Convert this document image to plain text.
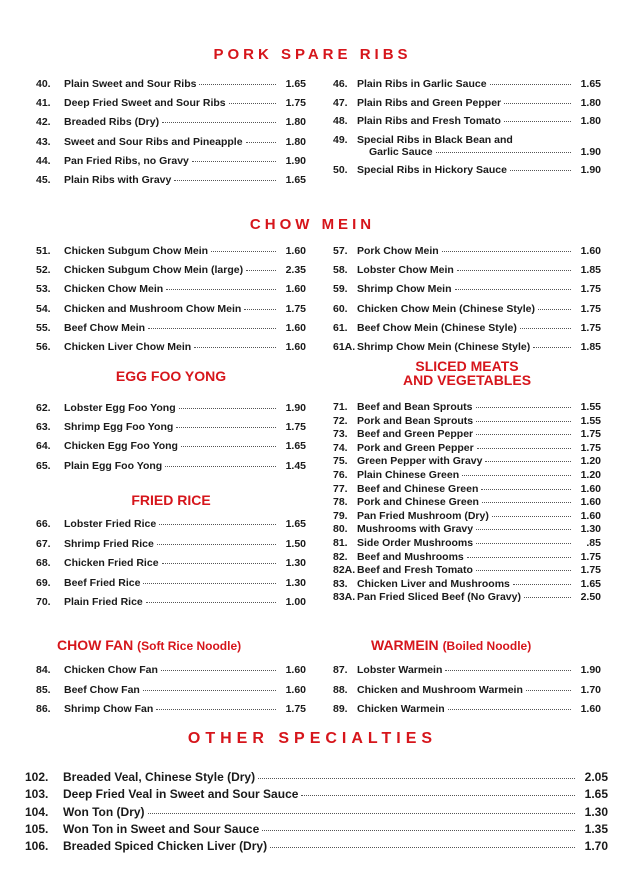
PORK SPARE RIBS
40.	Plain Sweet and Sour Ribs	1.65
41.	Deep Fried Sweet and Sour Ribs	1.75
42.	Breaded Ribs (Dry)	1.80
43.	Sweet and Sour Ribs and Pineapple	1.80
44.	Pan Fried Ribs, no Gravy	1.90
45.	Plain Ribs with Gravy	1.65
46. Plain Ribs in Garlic Sauce	1.65
47. Plain Ribs and Green Pepper	1.80
48. Plain Ribs and Fresh Tomato	1.80
49. Special Ribs in Black Bean and
Garlic Sauce	1.90
50. Special Ribs in Hickory Sauce	1.90
CHOW MEIN
51.	Chicken Subgum Chow Mein	1.60
52.	Chicken Subgum Chow Mein (large)	2.35
53.	Chicken Chow Mein	1.60
54.	Chicken and Mushroom Chow Mein	1.75
55.	Beef Chow Mein	1.60
56.	Chicken Liver Chow Mein	1.60
57. Pork Chow Mein	1.60
58. Lobster Chow Mein	1.85
59. Shrimp Chow Mein	1.75
60. Chicken Chow Mein (Chinese Style)	1.75
61. Beef Chow Mein (Chinese Style)	1.75
61A. Shrimp Chow Mein (Chinese Style)	1.85
EGG FOO YONG
62.	Lobster Egg Foo Yong	1.90
63.	Shrimp Egg Foo Yong	1.75
64.	Chicken Egg Foo Yong	1.65
65.	Plain Egg Foo Yong	1.45
FRIED RICE
66.	Lobster Fried Rice	1.65
67.	Shrimp Fried Rice	1.50
68.	Chicken Fried Rice	1.30
69.	Beef Fried Rice	1.30
70.	Plain Fried Rice	1.00
SLICED MEATS
AND VEGETABLES
71. Beef and Bean Sprouts	1.55
72. Pork and Bean Sprouts	1.55
73. Beef and Green Pepper	1.75
74. Pork and Green Pepper	1.75
75. Green Pepper with Gravy	1.20
76. Plain Chinese Green	1.20
77. Beef and Chinese Green	1.60
78. Pork and Chinese Green	1.60
79. Pan Fried Mushroom (Dry)	1.60
80. Mushrooms with Gravy	1.30
81. Side Order Mushrooms	.85
82. Beef and Mushrooms	1.75
82A. Beef and Fresh Tomato	1.75
83. Chicken Liver and Mushrooms	1.65
83A. Pan Fried Sliced Beef (No Gravy)	2.50
CHOW FAN (Soft Rice Noodle)
84.	Chicken Chow Fan	1.60
85.	Beef Chow Fan	1.60
86.	Shrimp Chow Fan	1.75
WARMEIN (Boiled Noodle)
87. Lobster Warmein	1.90
88. Chicken and Mushroom Warmein	1.70
89. Chicken Warmein	1.60
OTHER SPECIALTIES
102.	Breaded Veal, Chinese Style (Dry)	2.05
103.	Deep Fried Veal in Sweet and Sour Sauce	1.65
104.	Won Ton (Dry)	1.30
105.	Won Ton in Sweet and Sour Sauce	1.35
106.	Breaded Spiced Chicken Liver (Dry)	1.70
